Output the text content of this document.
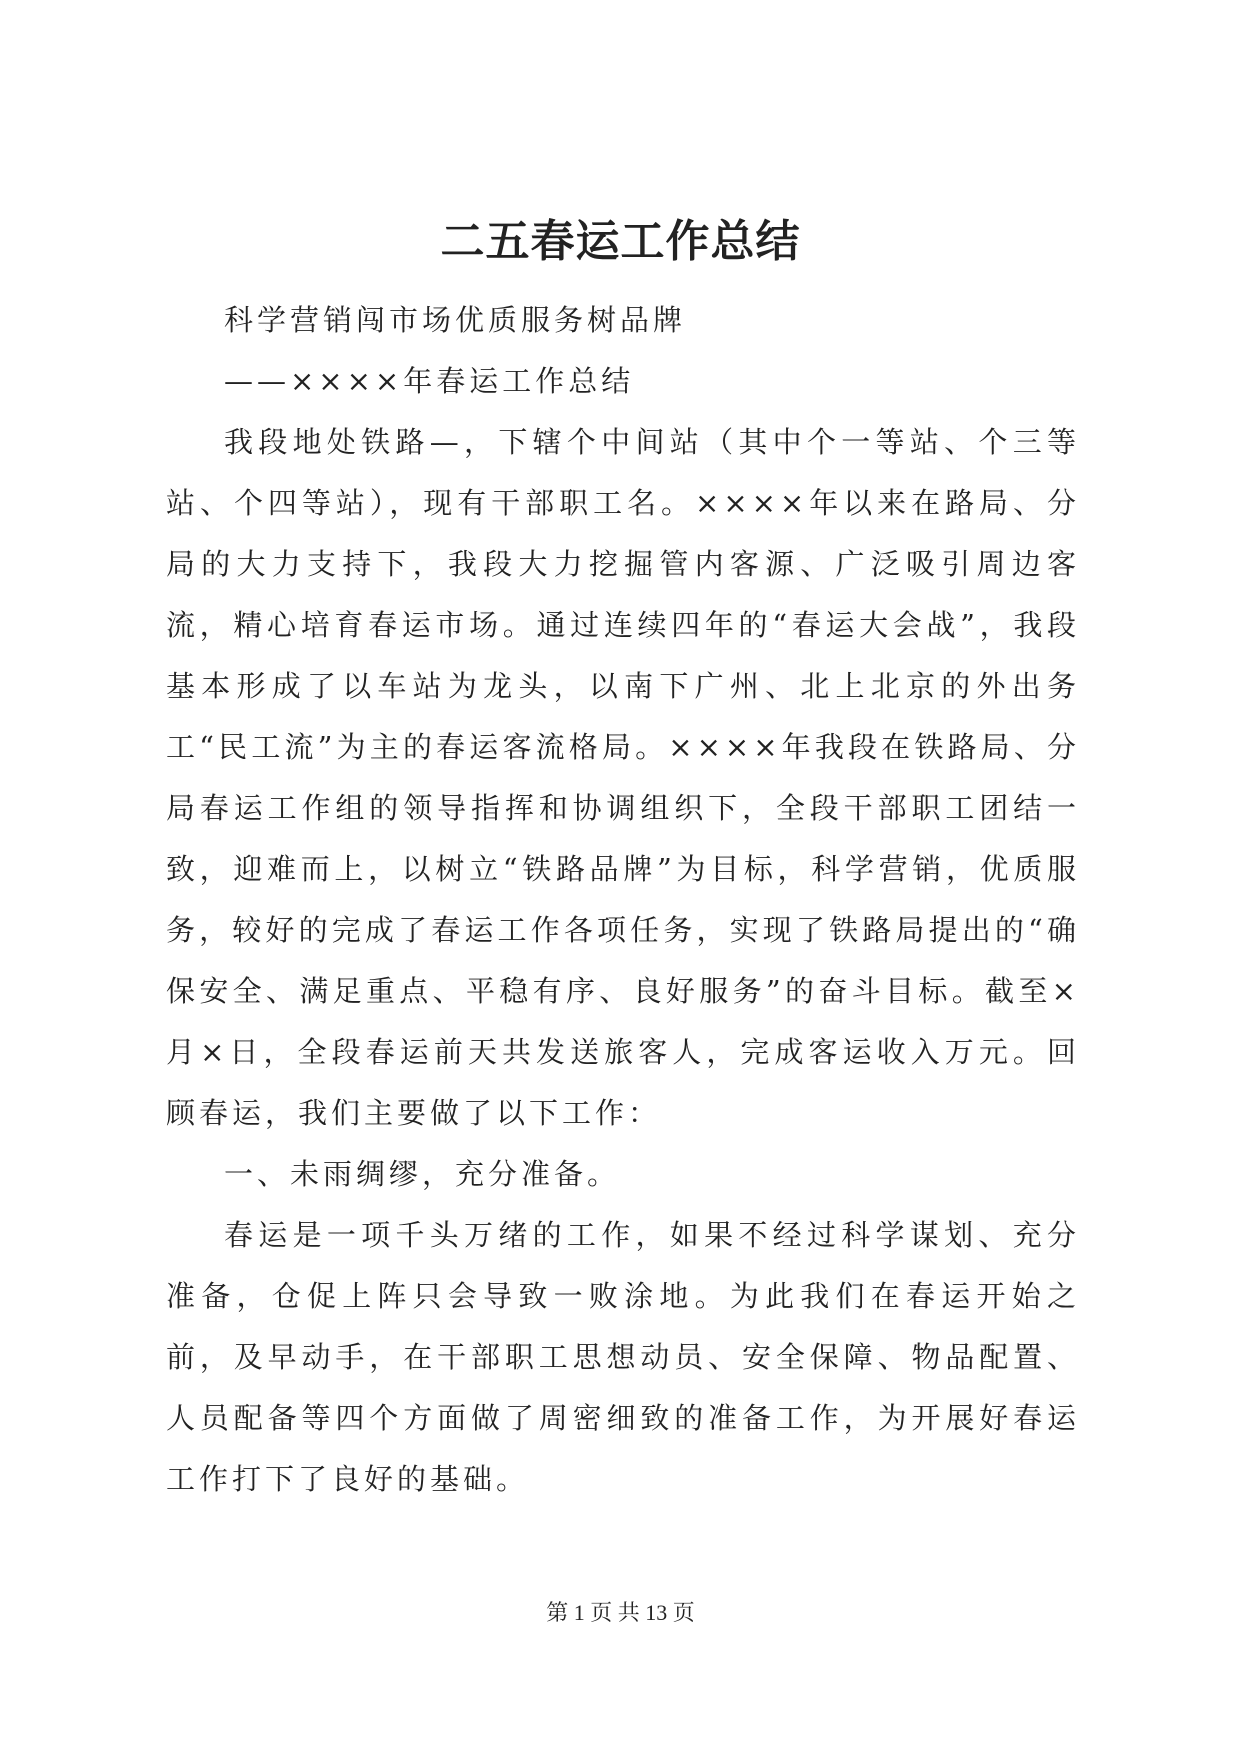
二五春运工作总结

科学营销闯市场优质服务树品牌

——××××年春运工作总结

我段地处铁路—，下辖个中间站（其中个一等站、个三等站、个四等站），现有干部职工名。××××年以来在路局、分局的大力支持下，我段大力挖掘管内客源、广泛吸引周边客流，精心培育春运市场。通过连续四年的“春运大会战”，我段基本形成了以车站为龙头，以南下广州、北上北京的外出务工“民工流”为主的春运客流格局。××××年我段在铁路局、分局春运工作组的领导指挥和协调组织下，全段干部职工团结一致，迎难而上，以树立“铁路品牌”为目标，科学营销，优质服务，较好的完成了春运工作各项任务，实现了铁路局提出的“确保安全、满足重点、平稳有序、良好服务”的奋斗目标。截至×月×日，全段春运前天共发送旅客人，完成客运收入万元。回顾春运，我们主要做了以下工作：

一、未雨绸缪，充分准备。

春运是一项千头万绪的工作，如果不经过科学谋划、充分准备，仓促上阵只会导致一败涂地。为此我们在春运开始之前，及早动手，在干部职工思想动员、安全保障、物品配置、人员配备等四个方面做了周密细致的准备工作，为开展好春运工作打下了良好的基础。

第 1 页 共 13 页
